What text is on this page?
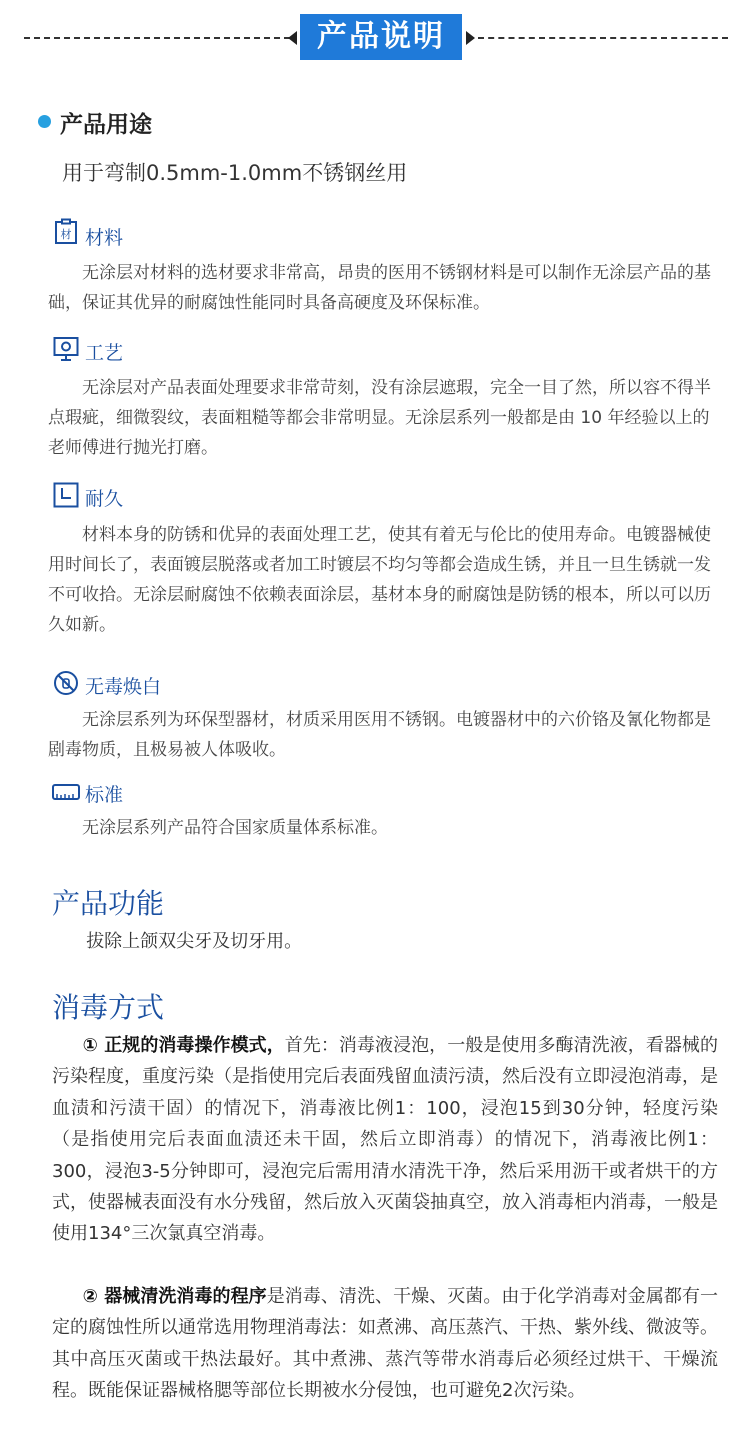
产品说明
产品用途
用于弯制0.5mm-1.0mm不锈钢丝用
材 材料

无涂层对材料的选材要求非常高，昂贵的医用不锈钢材料是可以制作无涂层产品的基础，保证其优异的耐腐蚀性能同时具备高硬度及环保标准。

工艺

无涂层对产品表面处理要求非常苛刻，没有涂层遮瑕，完全一目了然，所以容不得半点瑕疵，细微裂纹，表面粗糙等都会非常明显。无涂层系列一般都是由 10 年经验以上的老师傅进行抛光打磨。

耐久

材料本身的防锈和优异的表面处理工艺，使其有着无与伦比的使用寿命。电镀器械使用时间长了，表面镀层脱落或者加工时镀层不均匀等都会造成生锈，并且一旦生锈就一发不可收拾。无涂层耐腐蚀不依赖表面涂层，基材本身的耐腐蚀是防锈的根本，所以可以历久如新。

无毒焕白

无涂层系列为环保型器材，材质采用医用不锈钢。电镀器材中的六价铬及氰化物都是剧毒物质，且极易被人体吸收。

标准

无涂层系列产品符合国家质量体系标准。

产品功能

拔除上颌双尖牙及切牙用。

消毒方式

① 正规的消毒操作模式，首先：消毒液浸泡，一般是使用多酶清洗液，看器械的污染程度，重度污染（是指使用完后表面残留血渍污渍，然后没有立即浸泡消毒，是血渍和污渍干固）的情况下，消毒液比例1：100，浸泡15到30分钟，轻度污染（是指使用完后表面血渍还未干固，然后立即消毒）的情况下，消毒液比例1：300，浸泡3-5分钟即可，浸泡完后需用清水清洗干净，然后采用沥干或者烘干的方式，使器械表面没有水分残留，然后放入灭菌袋抽真空，放入消毒柜内消毒，一般是使用134°三次氯真空消毒。

② 器械清洗消毒的程序是消毒、清洗、干燥、灭菌。由于化学消毒对金属都有一定的腐蚀性所以通常选用物理消毒法：如煮沸、高压蒸汽、干热、紫外线、微波等。其中高压灭菌或干热法最好。其中煮沸、蒸汽等带水消毒后必须经过烘干、干燥流程。既能保证器械格腮等部位长期被水分侵蚀，也可避免2次污染。
